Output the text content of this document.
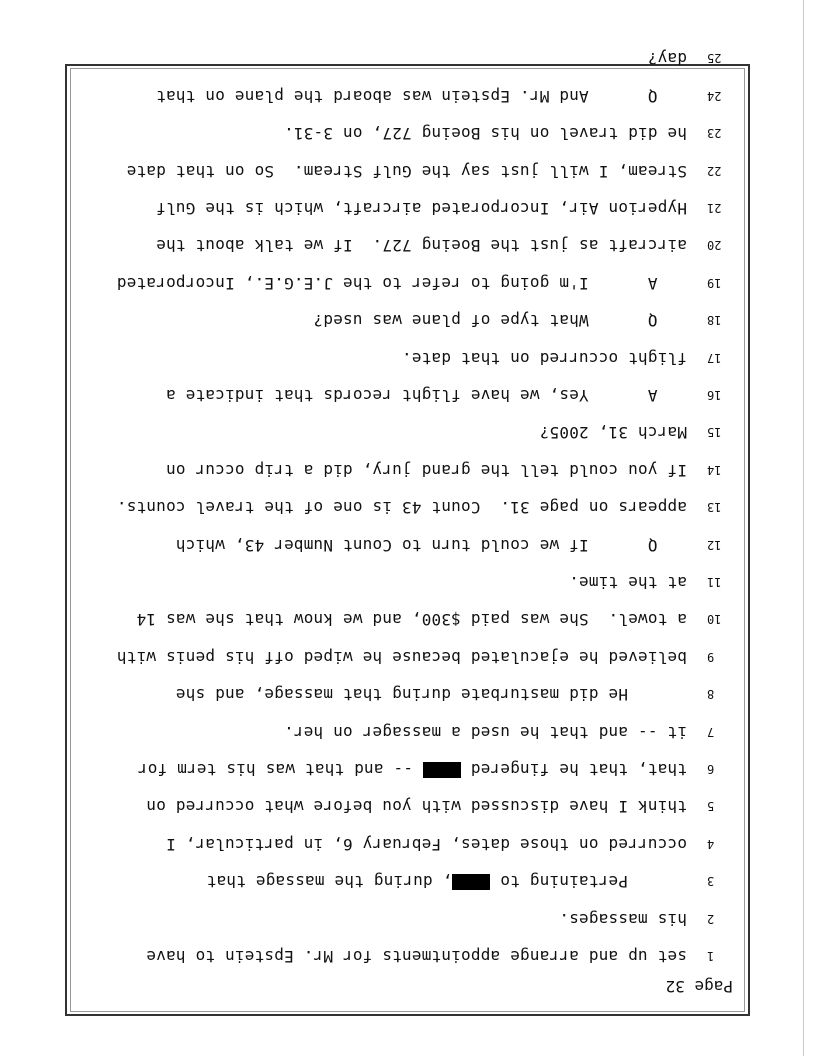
Page 32
1
set up and arrange appointments for Mr. Epstein to have
2
his massages.
3
Pertaining to , during the massage that
4
occurred on those dates, February 6, in particular, I
5
think I have discussed with you before what occurred on
6
that, that he fingered  -- and that was his term for
7
it -- and that he used a massager on her.
8
He did masturbate during that massage, and she
9
believed he ejaculated because he wiped off his penis with
10
a towel.  She was paid $300, and we know that she was 14
11
at the time.
12
Q      If we could turn to Count Number 43, which
13
appears on page 31.  Count 43 is one of the travel counts.
14
If you could tell the grand jury, did a trip occur on
15
March 31, 2005?
16
A      Yes, we have flight records that indicate a
17
flight occurred on that date.
18
Q      What type of plane was used?
19
A      I'm going to refer to the J.E.G.E., Incorporated
20
aircraft as just the Boeing 727.  If we talk about the
21
Hyperion Air, Incorporated aircraft, which is the Gulf
22
Stream, I will just say the Gulf Stream.  So on that date
23
he did travel on his Boeing 727, on 3-31.
24
Q      And Mr. Epstein was aboard the plane on that
25
day?
